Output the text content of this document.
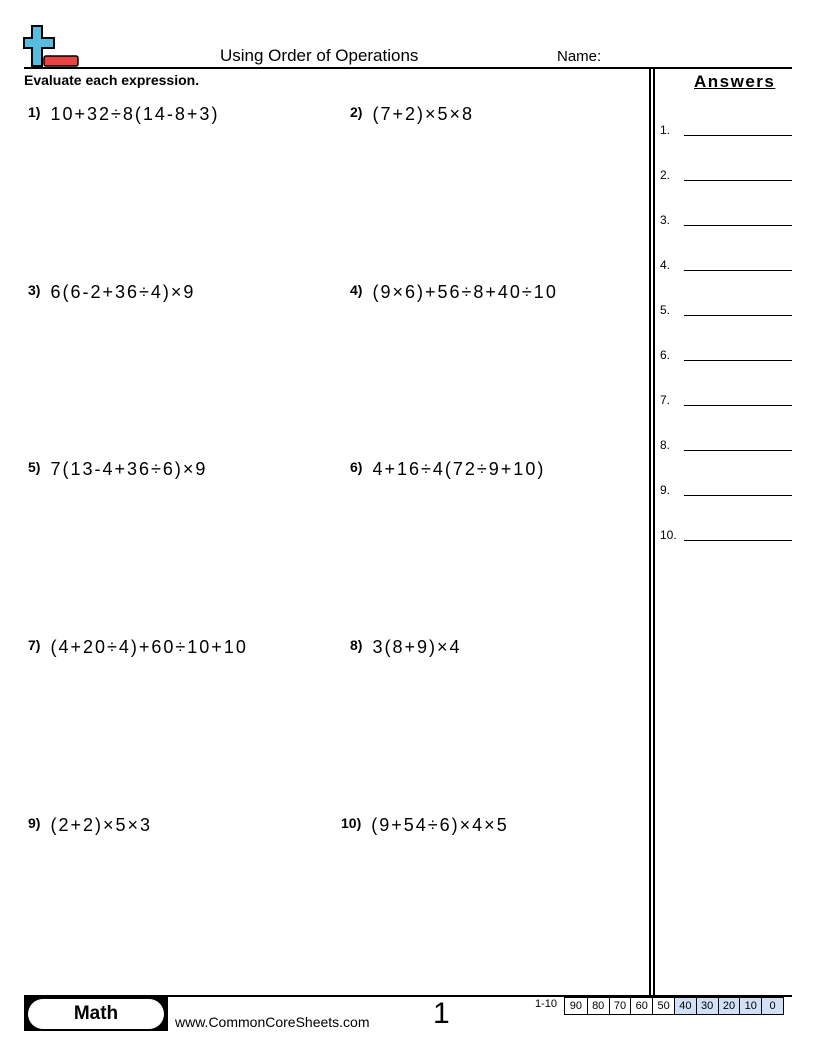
Using Order of Operations	Name:
Evaluate each expression.	Answers
1) 10+32÷8(14-8+3)	2) (7+2)×5×8
3) 6(6-2+36÷4)×9	4) (9×6)+56÷8+40÷10
5) 7(13-4+36÷6)×9	6) 4+16÷4(72÷9+10)
7) (4+20÷4)+60÷10+10	8) 3(8+9)×4
9) (2+2)×5×3	10) (9+54÷6)×4×5
1.
2.
3.
4.
5.
6.
7.
8.
9.
10.
Math	www.CommonCoreSheets.com 1	1-10	90 80 70 60 50 40 30 20 10	0
